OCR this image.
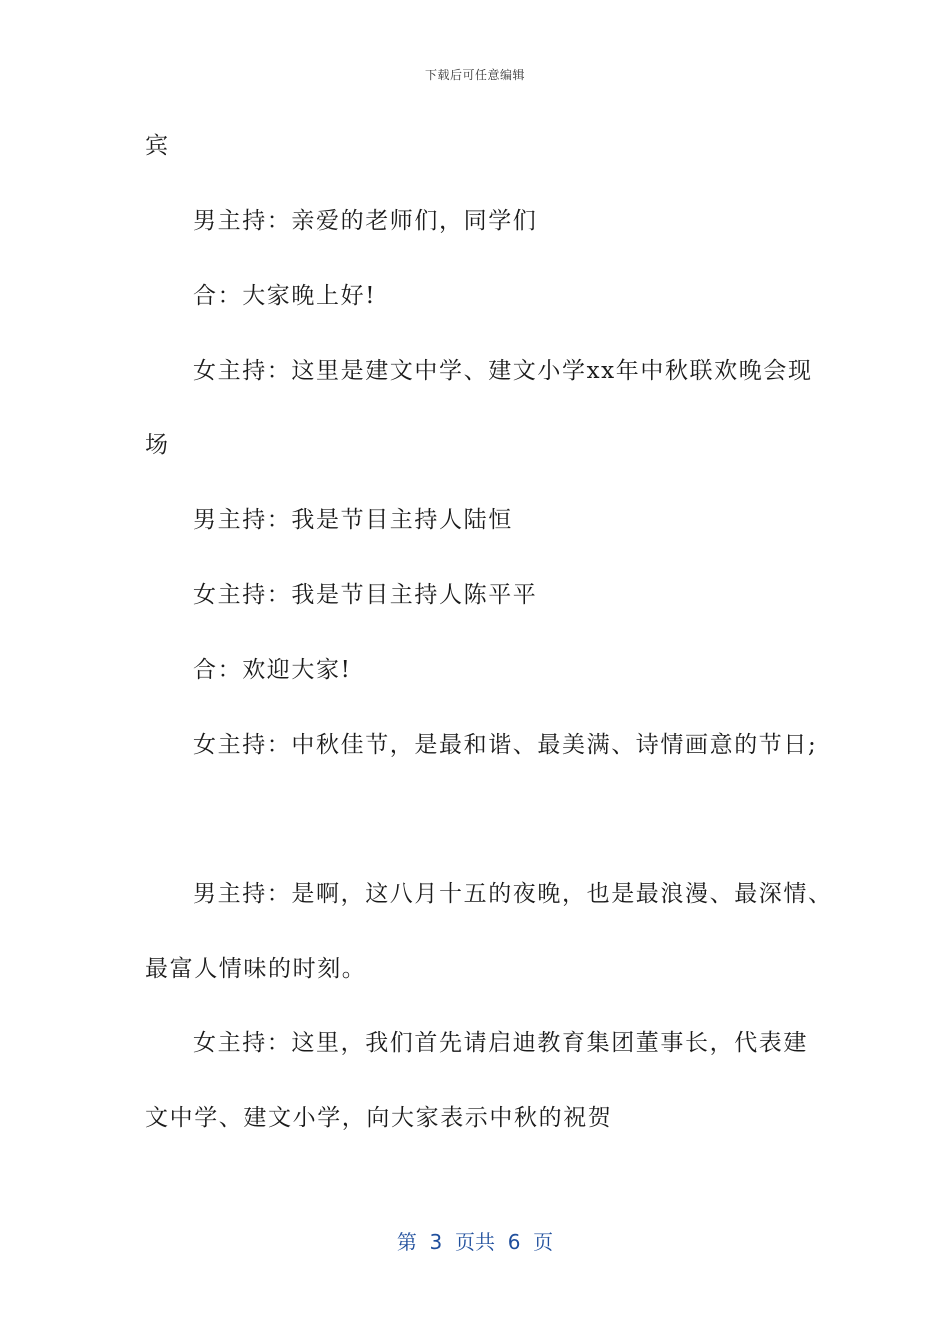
下载后可任意编辑
宾
男主持：亲爱的老师们，同学们
合：大家晚上好!
女主持：这里是建文中学、建文小学xx年中秋联欢晚会现
场
男主持：我是节目主持人陆恒
女主持：我是节目主持人陈平平
合：欢迎大家!
女主持：中秋佳节，是最和谐、最美满、诗情画意的节日;
男主持：是啊，这八月十五的夜晚，也是最浪漫、最深情、
最富人情味的时刻。
女主持：这里，我们首先请启迪教育集团董事长，代表建
文中学、建文小学，向大家表示中秋的祝贺
第  3  页共  6  页
